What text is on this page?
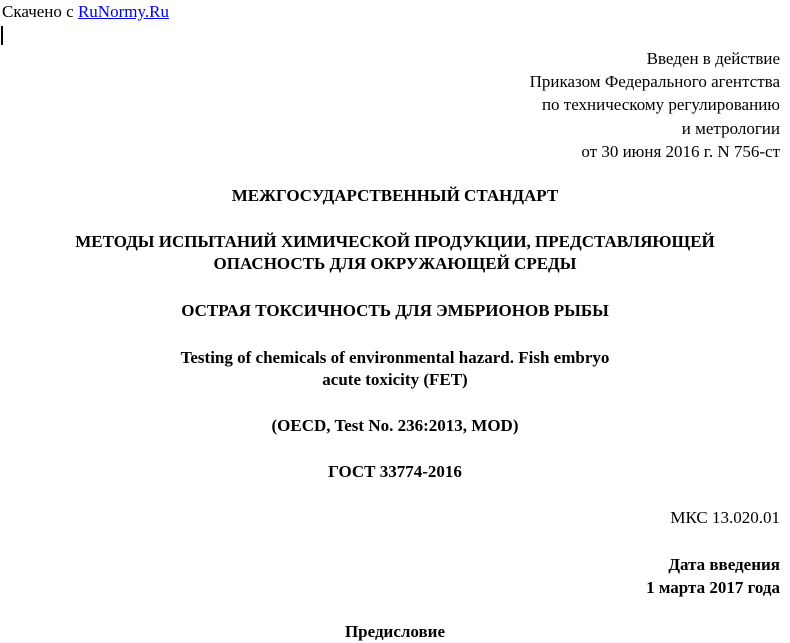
Скачено с RuNormy.Ru
Введен в действие
Приказом Федерального агентства
по техническому регулированию
и метрологии
от 30 июня 2016 г. N 756-ст
МЕЖГОСУДАРСТВЕННЫЙ СТАНДАРТ
МЕТОДЫ ИСПЫТАНИЙ ХИМИЧЕСКОЙ ПРОДУКЦИИ, ПРЕДСТАВЛЯЮЩЕЙ
ОПАСНОСТЬ ДЛЯ ОКРУЖАЮЩЕЙ СРЕДЫ
ОСТРАЯ ТОКСИЧНОСТЬ ДЛЯ ЭМБРИОНОВ РЫБЫ
Testing of chemicals of environmental hazard. Fish embryo
acute toxicity (FET)
(OECD, Test No. 236:2013, MOD)
ГОСТ 33774-2016
МКС 13.020.01
Дата введения
1 марта 2017 года
Предисловие
